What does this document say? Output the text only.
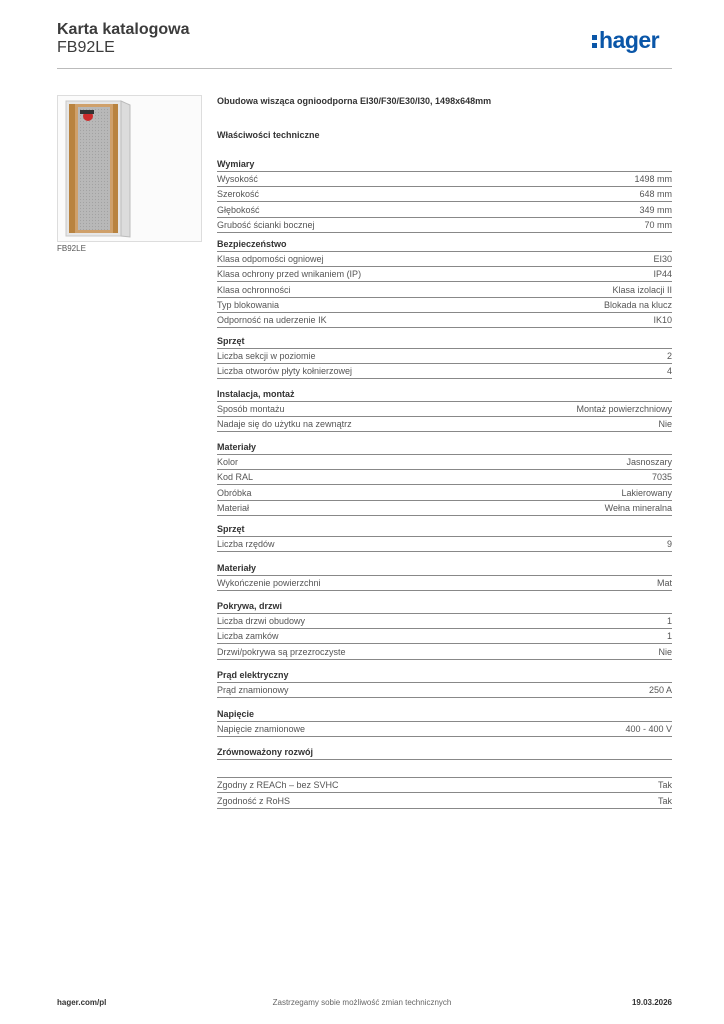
Karta katalogowa
FB92LE	hager
FB92LE
Obudowa wisząca ognioodporna EI30/F30/E30/I30, 1498x648mm
Właściwości techniczne
Wymiary
Wysokość	1498 mm
Szerokość	648 mm
Głębokość	349 mm
Grubość ścianki bocznej	70 mm
Bezpieczeństwo
Klasa odpomości ogniowej	EI30
Klasa ochrony przed wnikaniem (IP)	IP44
Klasa ochronności	Klasa izolacji II
Typ blokowania	Blokada na klucz
Odporność na uderzenie IK	IK10
Sprzęt
Liczba sekcji w poziomie	2
Liczba otworów płyty kołnierzowej	4
Instalacja, montaż
Sposób montażu	Montaż powierzchniowy
Nadaje się do użytku na zewnątrz	Nie
Materiały
Kolor	Jasnoszary
Kod RAL	7035
Obróbka	Lakierowany
Materiał	Wełna mineralna
Sprzęt
Liczba rzędów	9
Materiały
Wykończenie powierzchni	Mat
Pokrywa, drzwi
Liczba drzwi obudowy	1
Liczba zamków	1
Drzwi/pokrywa są przezroczyste	Nie
Prąd elektryczny
Prąd znamionowy	250 A
Napięcie
Napięcie znamionowe	400 - 400 V
Zrównoważony rozwój
Zgodny z REACh – bez SVHC	Tak
Zgodność z RoHS	Tak
hager.com/pl	Zastrzegamy sobie możliwość zmian technicznych	19.03.2026
